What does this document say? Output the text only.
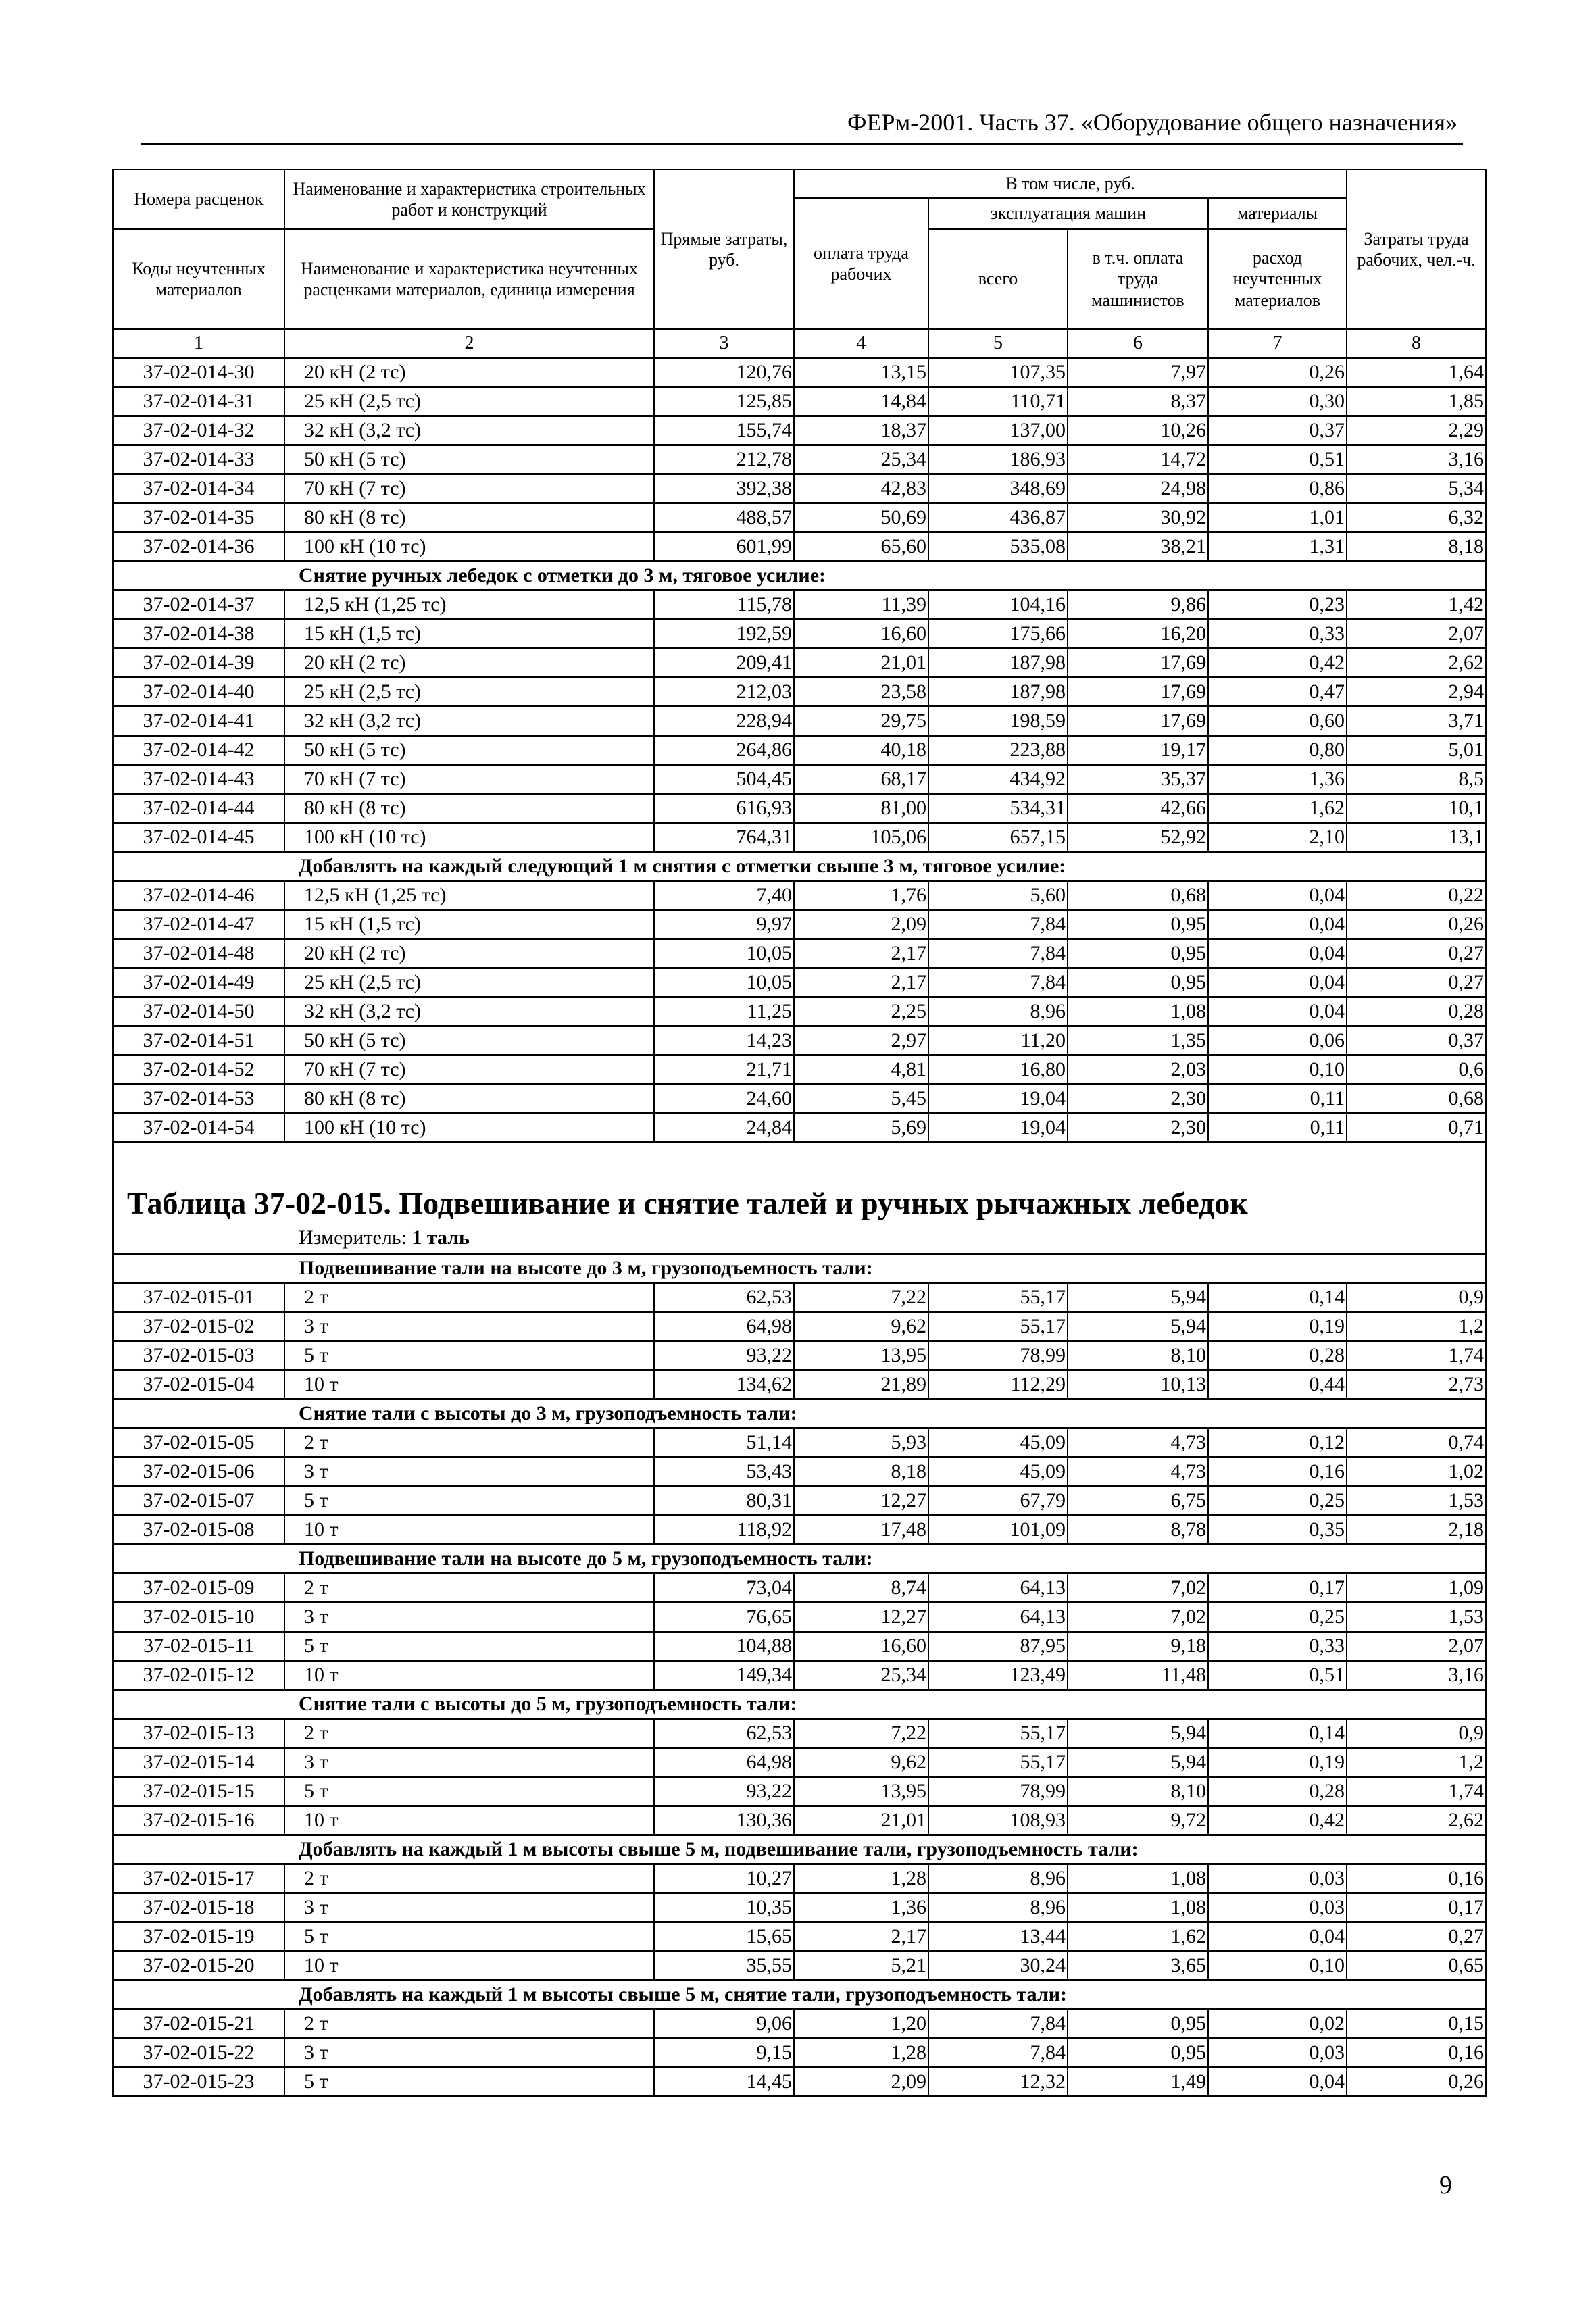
ФЕРм-2001. Часть 37. «Оборудование общего назначения»
Номера расценок	Наименование и характеристика строительных работ и конструкций	Прямые затраты, руб.	В том числе, руб.				Затраты труда рабочих, чел.-ч.
			оплата труда рабочих	эксплуатация машин		материалы	
Коды неучтенных материалов	Наименование и характеристика неучтенных расценками материалов, единица измерения			всего	в т.ч. оплата труда машинистов	расход неучтенных материалов	
1	2	3	4	5	6	7	8
37-02-014-30	20 кН (2 тс)	120,76	13,15	107,35	7,97	0,26	1,64
37-02-014-31	25 кН (2,5 тс)	125,85	14,84	110,71	8,37	0,30	1,85
37-02-014-32	32 кН (3,2 тс)	155,74	18,37	137,00	10,26	0,37	2,29
37-02-014-33	50 кН (5 тс)	212,78	25,34	186,93	14,72	0,51	3,16
37-02-014-34	70 кН (7 тс)	392,38	42,83	348,69	24,98	0,86	5,34
37-02-014-35	80 кН (8 тс)	488,57	50,69	436,87	30,92	1,01	6,32
37-02-014-36	100 кН (10 тс)	601,99	65,60	535,08	38,21	1,31	8,18
Снятие ручных лебедок с отметки до 3 м, тяговое усилие:							
37-02-014-37	12,5 кН (1,25 тс)	115,78	11,39	104,16	9,86	0,23	1,42
37-02-014-38	15 кН (1,5 тс)	192,59	16,60	175,66	16,20	0,33	2,07
37-02-014-39	20 кН (2 тс)	209,41	21,01	187,98	17,69	0,42	2,62
37-02-014-40	25 кН (2,5 тс)	212,03	23,58	187,98	17,69	0,47	2,94
37-02-014-41	32 кН (3,2 тс)	228,94	29,75	198,59	17,69	0,60	3,71
37-02-014-42	50 кН (5 тс)	264,86	40,18	223,88	19,17	0,80	5,01
37-02-014-43	70 кН (7 тс)	504,45	68,17	434,92	35,37	1,36	8,5
37-02-014-44	80 кН (8 тс)	616,93	81,00	534,31	42,66	1,62	10,1
37-02-014-45	100 кН (10 тс)	764,31	105,06	657,15	52,92	2,10	13,1
Добавлять на каждый следующий 1 м снятия с отметки свыше 3 м, тяговое усилие:							
37-02-014-46	12,5 кН (1,25 тс)	7,40	1,76	5,60	0,68	0,04	0,22
37-02-014-47	15 кН (1,5 тс)	9,97	2,09	7,84	0,95	0,04	0,26
37-02-014-48	20 кН (2 тс)	10,05	2,17	7,84	0,95	0,04	0,27
37-02-014-49	25 кН (2,5 тс)	10,05	2,17	7,84	0,95	0,04	0,27
37-02-014-50	32 кН (3,2 тс)	11,25	2,25	8,96	1,08	0,04	0,28
37-02-014-51	50 кН (5 тс)	14,23	2,97	11,20	1,35	0,06	0,37
37-02-014-52	70 кН (7 тс)	21,71	4,81	16,80	2,03	0,10	0,6
37-02-014-53	80 кН (8 тс)	24,60	5,45	19,04	2,30	0,11	0,68
37-02-014-54	100 кН (10 тс)	24,84	5,69	19,04	2,30	0,11	0,71

Таблица 37-02-015. Подвешивание и снятие талей и ручных рычажных лебедок
Измеритель: 1 таль							

Подвешивание тали на высоте до 3 м, грузоподъемность тали:							
37-02-015-01	2 т	62,53	7,22	55,17	5,94	0,14	0,9
37-02-015-02	3 т	64,98	9,62	55,17	5,94	0,19	1,2
37-02-015-03	5 т	93,22	13,95	78,99	8,10	0,28	1,74
37-02-015-04	10 т	134,62	21,89	112,29	10,13	0,44	2,73
Снятие тали с высоты до 3 м, грузоподъемность тали:							
37-02-015-05	2 т	51,14	5,93	45,09	4,73	0,12	0,74
37-02-015-06	3 т	53,43	8,18	45,09	4,73	0,16	1,02
37-02-015-07	5 т	80,31	12,27	67,79	6,75	0,25	1,53
37-02-015-08	10 т	118,92	17,48	101,09	8,78	0,35	2,18
Подвешивание тали на высоте до 5 м, грузоподъемность тали:							
37-02-015-09	2 т	73,04	8,74	64,13	7,02	0,17	1,09
37-02-015-10	3 т	76,65	12,27	64,13	7,02	0,25	1,53
37-02-015-11	5 т	104,88	16,60	87,95	9,18	0,33	2,07
37-02-015-12	10 т	149,34	25,34	123,49	11,48	0,51	3,16
Снятие тали с высоты до 5 м, грузоподъемность тали:							
37-02-015-13	2 т	62,53	7,22	55,17	5,94	0,14	0,9
37-02-015-14	3 т	64,98	9,62	55,17	5,94	0,19	1,2
37-02-015-15	5 т	93,22	13,95	78,99	8,10	0,28	1,74
37-02-015-16	10 т	130,36	21,01	108,93	9,72	0,42	2,62
Добавлять на каждый 1 м высоты свыше 5 м, подвешивание тали, грузоподъемность тали:							
37-02-015-17	2 т	10,27	1,28	8,96	1,08	0,03	0,16
37-02-015-18	3 т	10,35	1,36	8,96	1,08	0,03	0,17
37-02-015-19	5 т	15,65	2,17	13,44	1,62	0,04	0,27
37-02-015-20	10 т	35,55	5,21	30,24	3,65	0,10	0,65
Добавлять на каждый 1 м высоты свыше 5 м, снятие тали, грузоподъемность тали:							
37-02-015-21	2 т	9,06	1,20	7,84	0,95	0,02	0,15
37-02-015-22	3 т	9,15	1,28	7,84	0,95	0,03	0,16
37-02-015-23	5 т	14,45	2,09	12,32	1,49	0,04	0,26
9
